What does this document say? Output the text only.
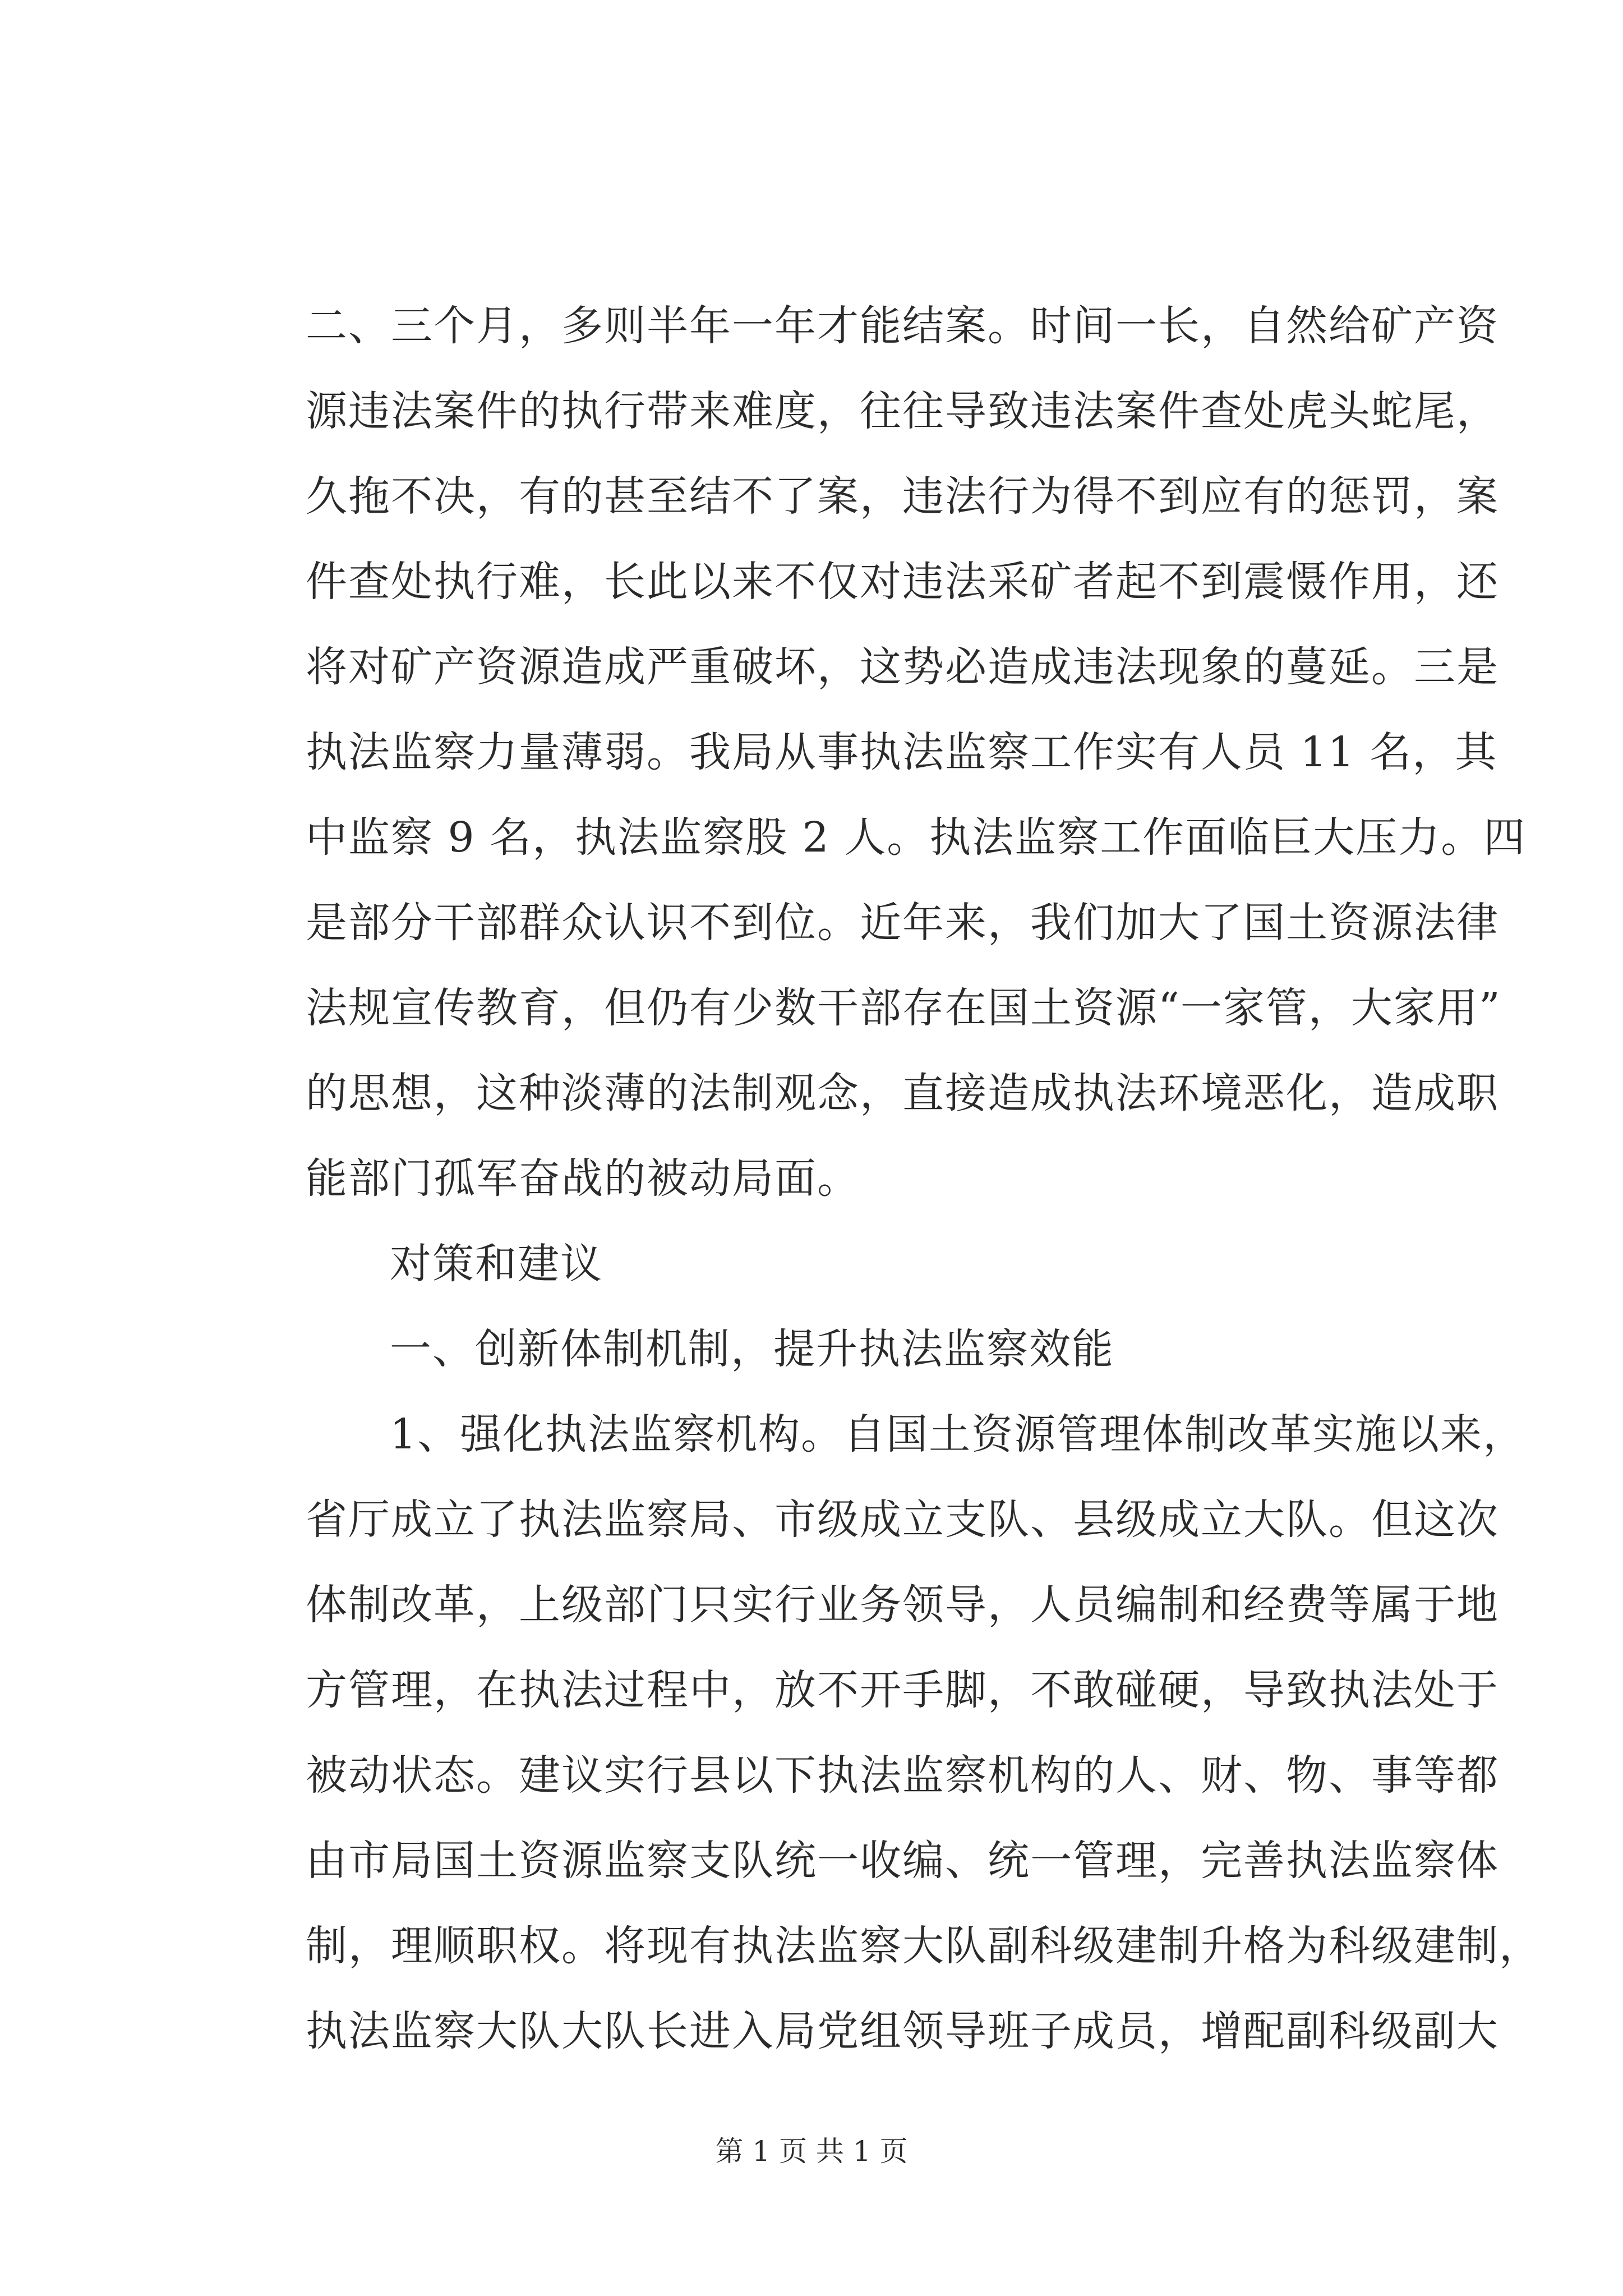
二、三个月，多则半年一年才能结案。时间一长，自然给矿产资
源违法案件的执行带来难度，往往导致违法案件查处虎头蛇尾，
久拖不决，有的甚至结不了案，违法行为得不到应有的惩罚，案
件查处执行难，长此以来不仅对违法采矿者起不到震慑作用，还
将对矿产资源造成严重破坏，这势必造成违法现象的蔓延。三是
执法监察力量薄弱。我局从事执法监察工作实有人员 11 名，其
中监察 9 名，执法监察股 2 人。执法监察工作面临巨大压力。四
是部分干部群众认识不到位。近年来，我们加大了国土资源法律
法规宣传教育，但仍有少数干部存在国土资源“一家管，大家用”
的思想，这种淡薄的法制观念，直接造成执法环境恶化，造成职
能部门孤军奋战的被动局面。
对策和建议
一、创新体制机制，提升执法监察效能
1、强化执法监察机构。自国土资源管理体制改革实施以来，
省厅成立了执法监察局、市级成立支队、县级成立大队。但这次
体制改革，上级部门只实行业务领导，人员编制和经费等属于地
方管理，在执法过程中，放不开手脚，不敢碰硬，导致执法处于
被动状态。建议实行县以下执法监察机构的人、财、物、事等都
由市局国土资源监察支队统一收编、统一管理，完善执法监察体
制，理顺职权。将现有执法监察大队副科级建制升格为科级建制，
执法监察大队大队长进入局党组领导班子成员，增配副科级副大
第 1 页 共 1 页
